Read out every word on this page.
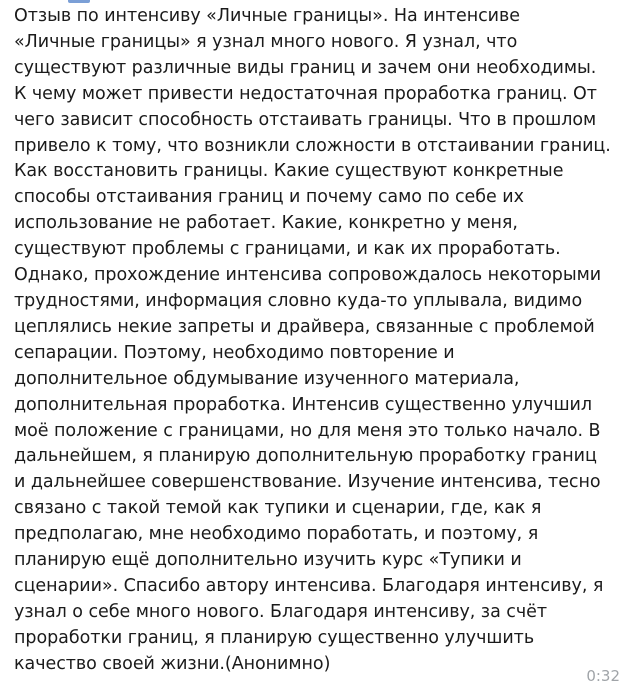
Отзыв по интенсиву «Личные границы». На интенсиве
«Личные границы» я узнал много нового. Я узнал, что
существуют различные виды границ и зачем они необходимы.
К чему может привести недостаточная проработка границ. От
чего зависит способность отстаивать границы. Что в прошлом
привело к тому, что возникли сложности в отстаивании границ.
Как восстановить границы. Какие существуют конкретные
способы отстаивания границ и почему само по себе их
использование не работает. Какие, конкретно у меня,
существуют проблемы с границами, и как их проработать.
Однако, прохождение интенсива сопровождалось некоторыми
трудностями, информация словно куда-то уплывала, видимо
цеплялись некие запреты и драйвера, связанные с проблемой
сепарации. Поэтому, необходимо повторение и
дополнительное обдумывание изученного материала,
дополнительная проработка. Интенсив существенно улучшил
моё положение с границами, но для меня это только начало. В
дальнейшем, я планирую дополнительную проработку границ
и дальнейшее совершенствование. Изучение интенсива, тесно
связано с такой темой как тупики и сценарии, где, как я
предполагаю, мне необходимо поработать, и поэтому, я
планирую ещё дополнительно изучить курс «Тупики и
сценарии». Спасибо автору интенсива. Благодаря интенсиву, я
узнал о себе много нового. Благодаря интенсиву, за счёт
проработки границ, я планирую существенно улучшить
качество своей жизни.(Анонимно)
0:32
